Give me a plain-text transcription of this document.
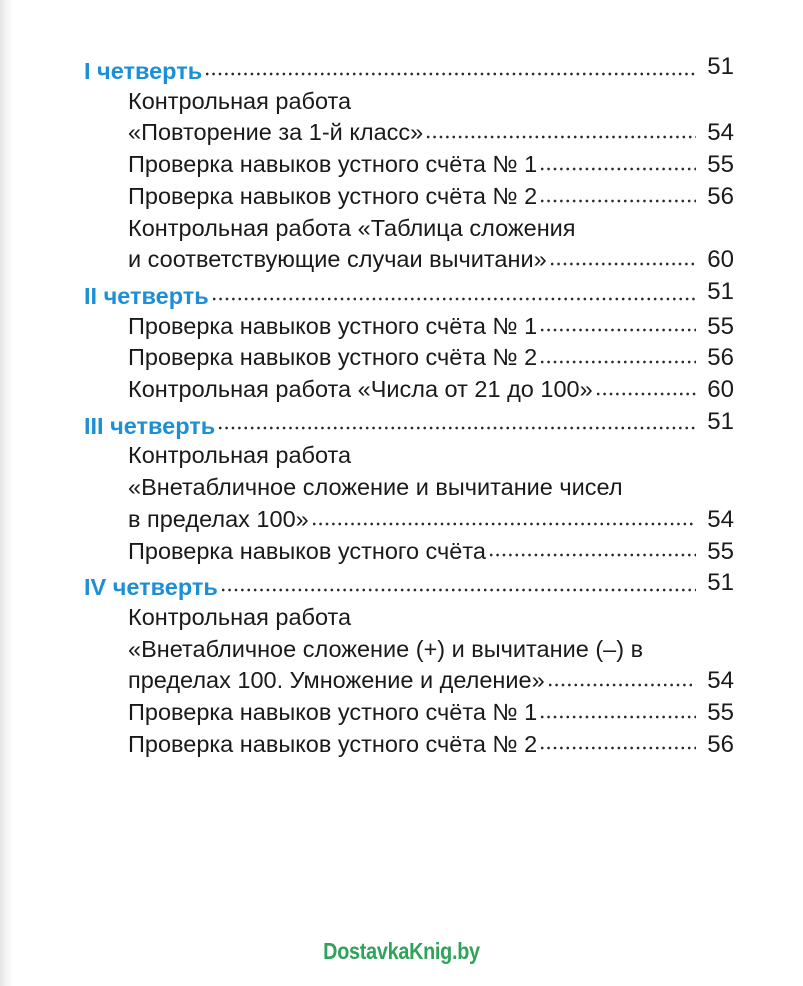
I четверть	51
Контрольная работа
«Повторение за 1-й класс»	54
Проверка навыков устного счёта № 1	55
Проверка навыков устного счёта № 2	56
Контрольная работа «Таблица сложения
и соответствующие случаи вычитани»	60
II четверть	51
Проверка навыков устного счёта № 1	55
Проверка навыков устного счёта № 2	56
Контрольная работа «Числа от 21 до 100»	60
III четверть	51
Контрольная работа
«Внетабличное сложение и вычитание чисел
в пределах 100»	54
Проверка навыков устного счёта	55
IV четверть	51
Контрольная работа
«Внетабличное сложение (+) и вычитание (–) в
пределах 100. Умножение и деление»	54
Проверка навыков устного счёта № 1	55
Проверка навыков устного счёта № 2	56
DostavkaKnig.by
